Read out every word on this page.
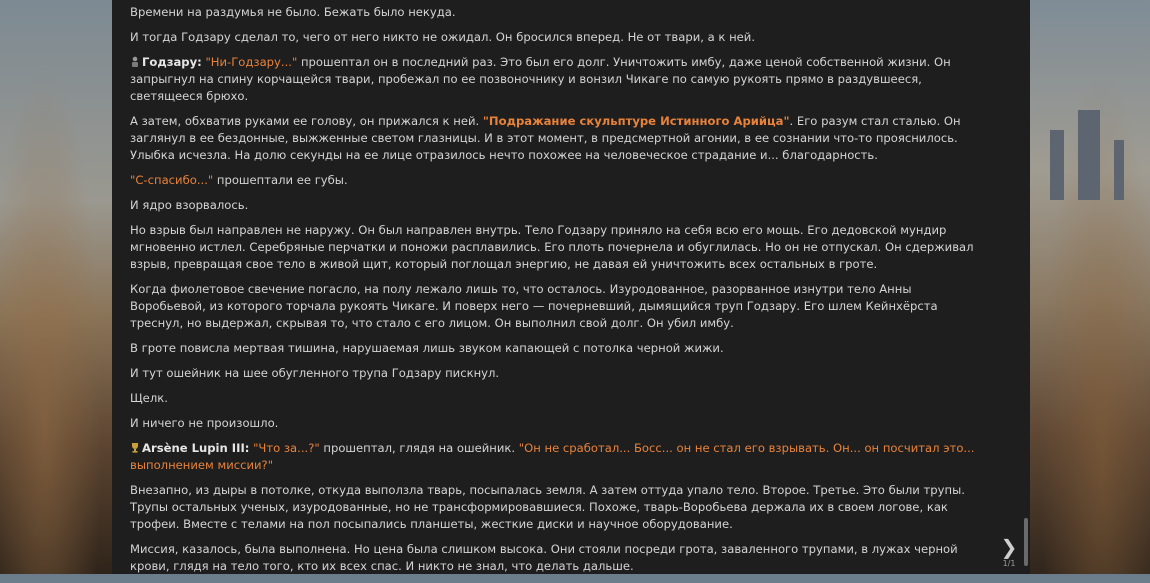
Времени на раздумья не было. Бежать было некуда.

И тогда Годзару сделал то, чего от него никто не ожидал. Он бросился вперед. Не от твари, а к ней.

Годзару: "Ни-Годзару..." прошептал он в последний раз. Это был его долг. Уничтожить имбу, даже ценой собственной жизни. Он запрыгнул на спину корчащейся твари, пробежал по ее позвоночнику и вонзил Чикаге по самую рукоять прямо в раздувшееся, светящееся брюхо.

А затем, обхватив руками ее голову, он прижался к ней. "Подражание скульптуре Истинного Арийца". Его разум стал сталью. Он заглянул в ее бездонные, выжженные светом глазницы. И в этот момент, в предсмертной агонии, в ее сознании что-то прояснилось. Улыбка исчезла. На долю секунды на ее лице отразилось нечто похожее на человеческое страдание и... благодарность.

"С-спасибо..." прошептали ее губы.

И ядро взорвалось.

Но взрыв был направлен не наружу. Он был направлен внутрь. Тело Годзару приняло на себя всю его мощь. Его дедовской мундир мгновенно истлел. Серебряные перчатки и поножи расплавились. Его плоть почернела и обуглилась. Но он не отпускал. Он сдерживал взрыв, превращая свое тело в живой щит, который поглощал энергию, не давая ей уничтожить всех остальных в гроте.

Когда фиолетовое свечение погасло, на полу лежало лишь то, что осталось. Изуродованное, разорванное изнутри тело Анны Воробьевой, из которого торчала рукоять Чикаге. И поверх него — почерневший, дымящийся труп Годзару. Его шлем Кейнхёрста треснул, но выдержал, скрывая то, что стало с его лицом. Он выполнил свой долг. Он убил имбу.

В гроте повисла мертвая тишина, нарушаемая лишь звуком капающей с потолка черной жижи.

И тут ошейник на шее обугленного трупа Годзару пискнул.

Щелк.

И ничего не произошло.

Arsène Lupin III: "Что за...?" прошептал, глядя на ошейник. "Он не сработал... Босс... он не стал его взрывать. Он... он посчитал это... выполнением миссии?"

Внезапно, из дыры в потолке, откуда выползла тварь, посыпалась земля. А затем оттуда упало тело. Второе. Третье. Это были трупы. Трупы остальных ученых, изуродованные, но не трансформировавшиеся. Похоже, тварь-Воробьева держала их в своем логове, как трофеи. Вместе с телами на пол посыпались планшеты, жесткие диски и научное оборудование.

Миссия, казалось, была выполнена. Но цена была слишком высока. Они стояли посреди грота, заваленного трупами, в лужах черной крови, глядя на тело того, кто их всех спас. И никто не знал, что делать дальше.

❯
1/1
